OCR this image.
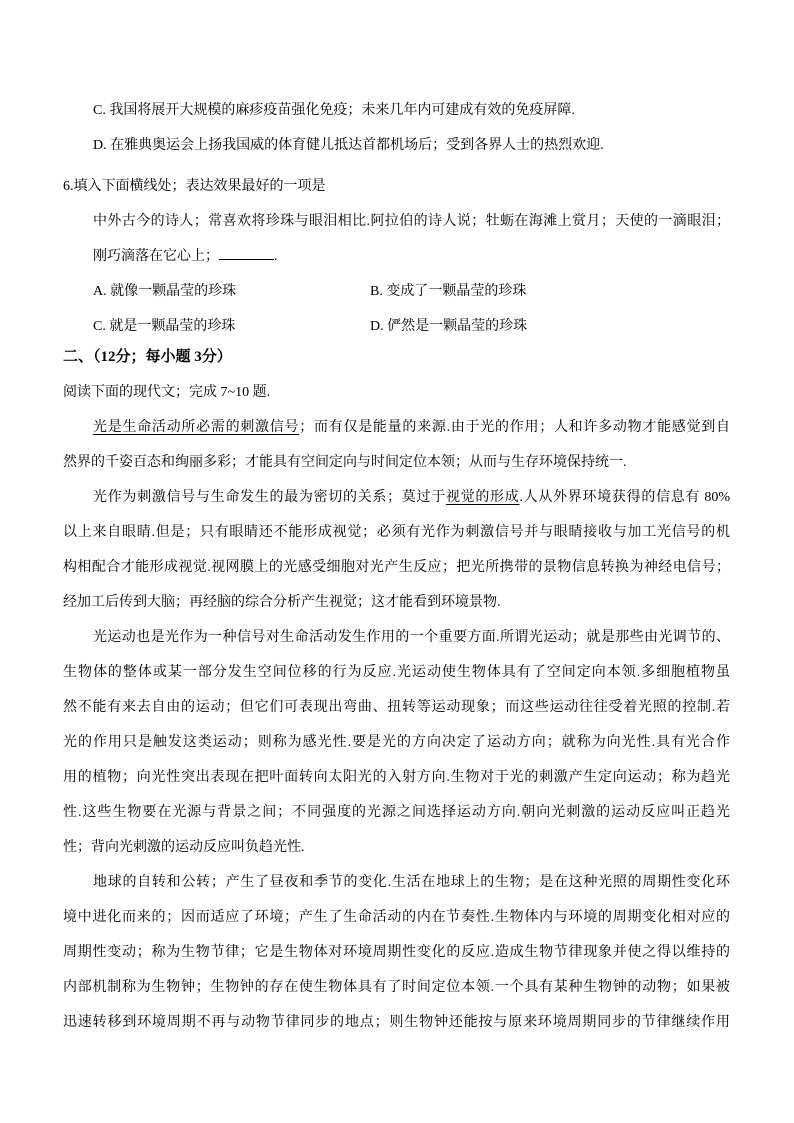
C. 我国将展开大规模的麻疹疫苗强化免疫；未来几年内可建成有效的免疫屏障.
D. 在雅典奥运会上扬我国威的体育健儿抵达首都机场后；受到各界人士的热烈欢迎.
6.填入下面横线处；表达效果最好的一项是
中外古今的诗人；常喜欢将珍珠与眼泪相比.阿拉伯的诗人说；牡蛎在海滩上赏月；天使的一滴眼泪；
刚巧滴落在它心上；	.
A. 就像一颗晶莹的珍珠	B. 变成了一颗晶莹的珍珠
C. 就是一颗晶莹的珍珠	D. 俨然是一颗晶莹的珍珠
二、（12分；每小题 3分）
阅读下面的现代文；完成 7~10 题.
光是生命活动所必需的刺激信号；而有仅是能量的来源.由于光的作用；人和许多动物才能感觉到自
然界的千姿百态和绚丽多彩；才能具有空间定向与时间定位本领；从而与生存环境保持统一.
光作为刺激信号与生命发生的最为密切的关系；莫过于视觉的形成.人从外界环境获得的信息有 80%
以上来自眼睛.但是；只有眼睛还不能形成视觉；必须有光作为刺激信号并与眼睛接收与加工光信号的机
构相配合才能形成视觉.视网膜上的光感受细胞对光产生反应；把光所携带的景物信息转换为神经电信号；
经加工后传到大脑；再经脑的综合分析产生视觉；这才能看到环境景物.
光运动也是光作为一种信号对生命活动发生作用的一个重要方面.所谓光运动；就是那些由光调节的、
生物体的整体或某一部分发生空间位移的行为反应.光运动使生物体具有了空间定向本领.多细胞植物虽
然不能有来去自由的运动；但它们可表现出弯曲、扭转等运动现象；而这些运动往往受着光照的控制.若
光的作用只是触发这类运动；则称为感光性.要是光的方向决定了运动方向；就称为向光性.具有光合作
用的植物；向光性突出表现在把叶面转向太阳光的入射方向.生物对于光的刺激产生定向运动；称为趋光
性.这些生物要在光源与背景之间；不同强度的光源之间选择运动方向.朝向光刺激的运动反应叫正趋光
性；背向光刺激的运动反应叫负趋光性.
地球的自转和公转；产生了昼夜和季节的变化.生活在地球上的生物；是在这种光照的周期性变化环
境中进化而来的；因而适应了环境；产生了生命活动的内在节奏性.生物体内与环境的周期变化相对应的
周期性变动；称为生物节律；它是生物体对环境周期性变化的反应.造成生物节律现象并使之得以维持的
内部机制称为生物钟；生物钟的存在使生物体具有了时间定位本领.一个具有某种生物钟的动物；如果被
迅速转移到环境周期不再与动物节律同步的地点；则生物钟还能按与原来环境周期同步的节律继续作用
